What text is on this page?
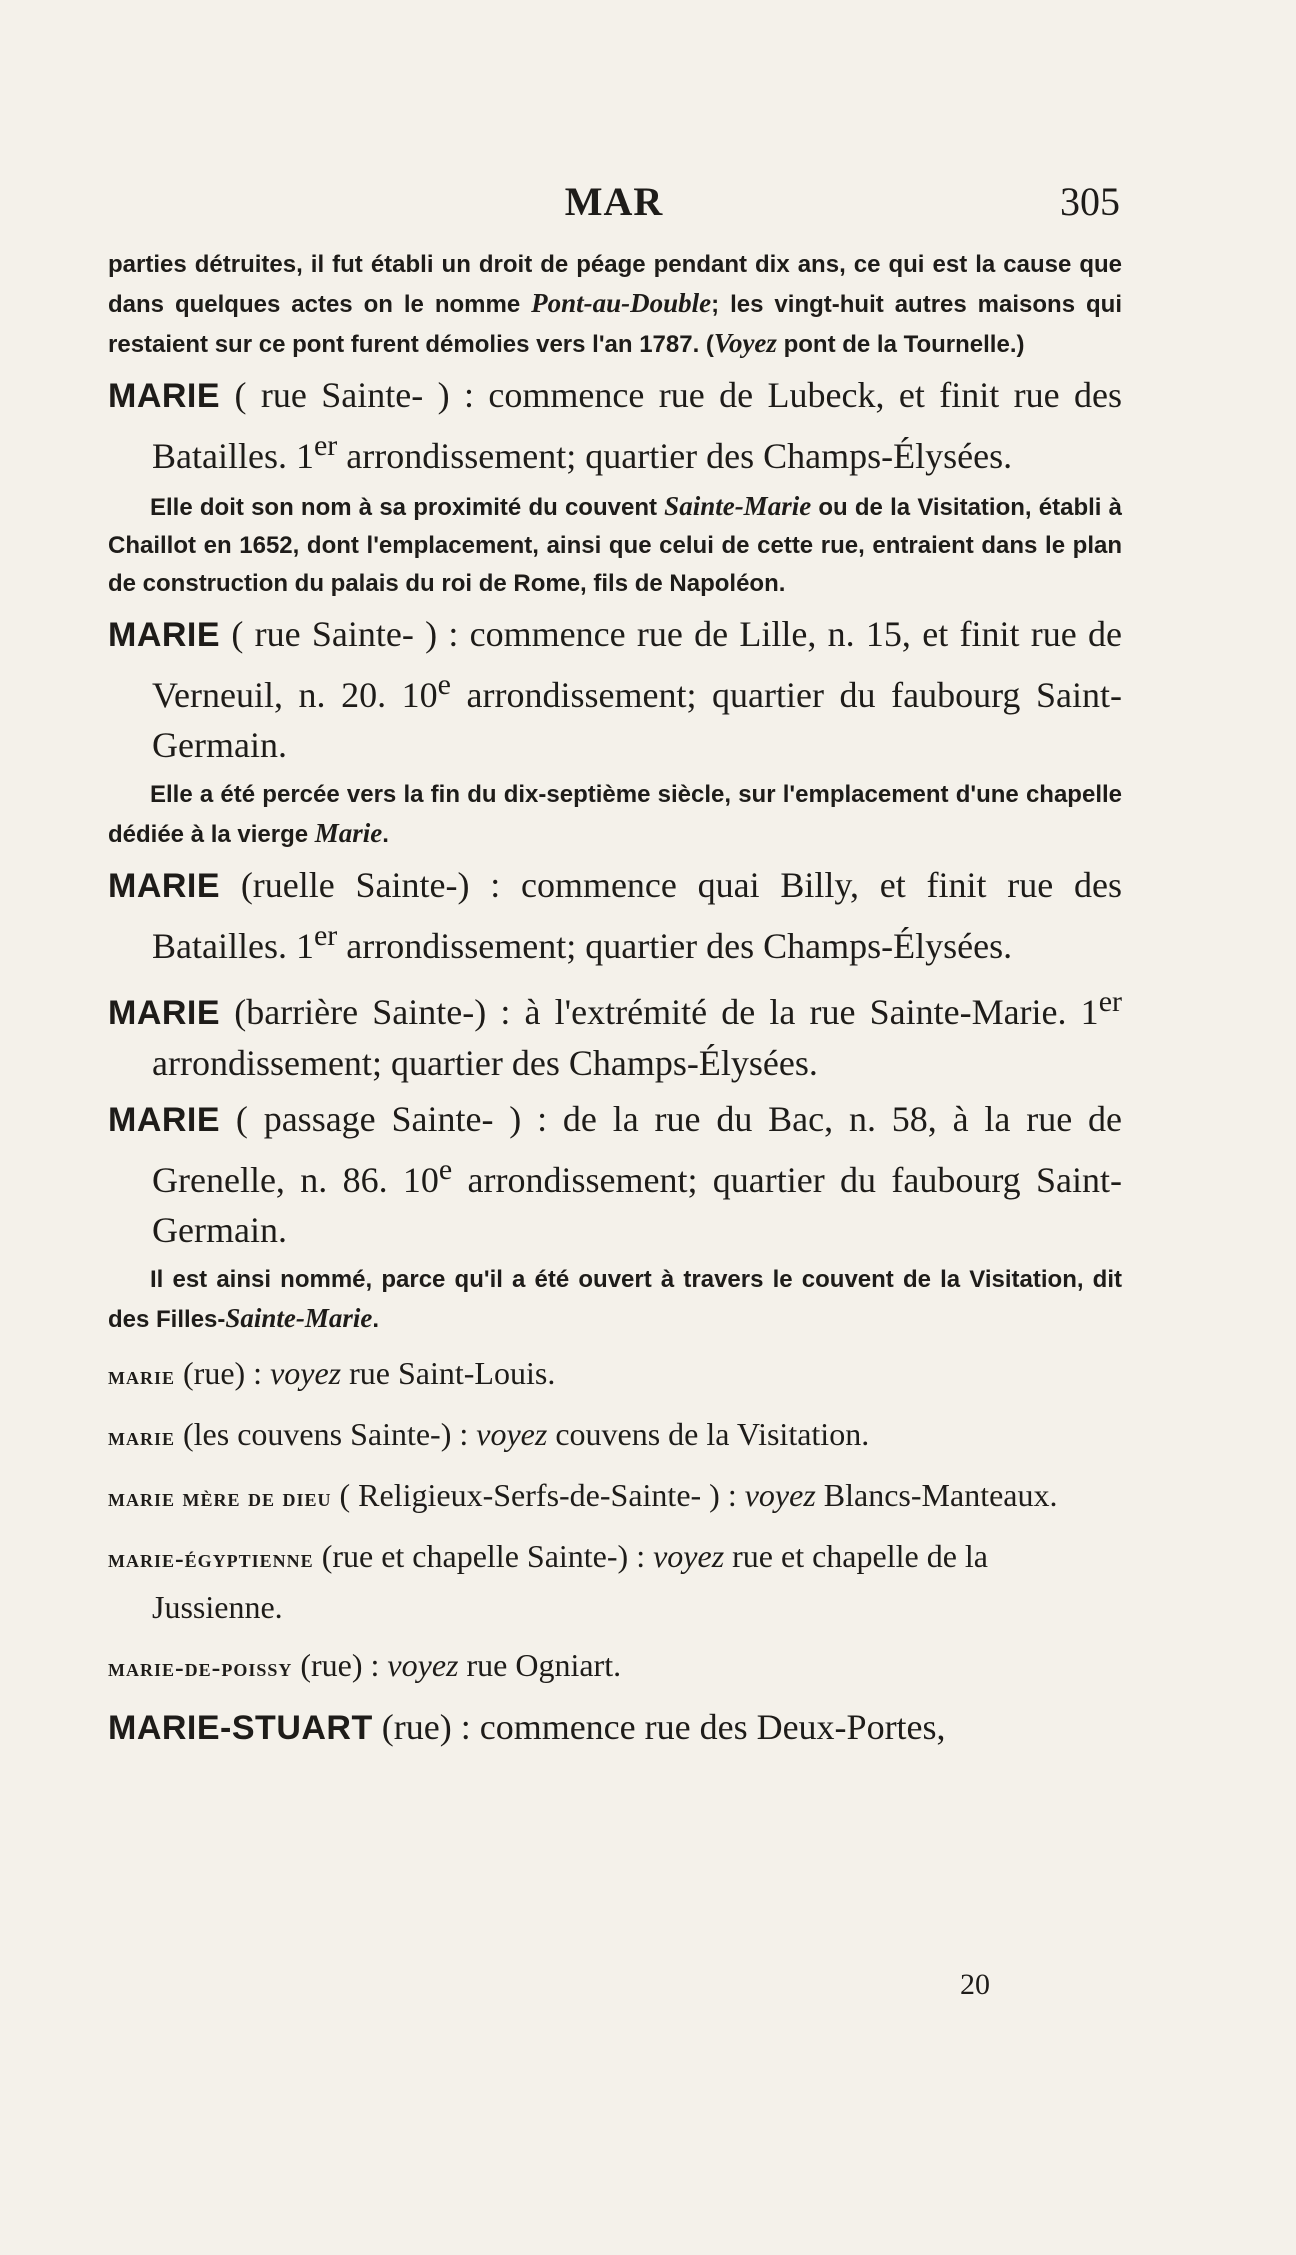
MAR	305

parties détruites, il fut établi un droit de péage pendant dix ans, ce qui est la cause que dans quelques actes on le nomme Pont-au-Double; les vingt-huit autres maisons qui restaient sur ce pont furent démolies vers l'an 1787. (Voyez pont de la Tournelle.)

MARIE ( rue Sainte- ) : commence rue de Lubeck, et finit rue des Batailles. 1er arrondissement; quartier des Champs-Élysées.

Elle doit son nom à sa proximité du couvent Sainte-Marie ou de la Visitation, établi à Chaillot en 1652, dont l'emplacement, ainsi que celui de cette rue, entraient dans le plan de construction du palais du roi de Rome, fils de Napoléon.

MARIE ( rue Sainte- ) : commence rue de Lille, n. 15, et finit rue de Verneuil, n. 20. 10e arrondissement; quartier du faubourg Saint-Germain.

Elle a été percée vers la fin du dix-septième siècle, sur l'emplacement d'une chapelle dédiée à la vierge Marie.

MARIE (ruelle Sainte-) : commence quai Billy, et finit rue des Batailles. 1er arrondissement; quartier des Champs-Élysées.

MARIE (barrière Sainte-) : à l'extrémité de la rue Sainte-Marie. 1er arrondissement; quartier des Champs-Élysées.

MARIE ( passage Sainte- ) : de la rue du Bac, n. 58, à la rue de Grenelle, n. 86. 10e arrondissement; quartier du faubourg Saint-Germain.

Il est ainsi nommé, parce qu'il a été ouvert à travers le couvent de la Visitation, dit des Filles-Sainte-Marie.

marie (rue) : voyez rue Saint-Louis.

marie (les couvens Sainte-) : voyez couvens de la Visitation.

marie mère de dieu ( Religieux-Serfs-de-Sainte- ) : voyez Blancs-Manteaux.

marie-égyptienne (rue et chapelle Sainte-) : voyez rue et chapelle de la Jussienne.

marie-de-poissy (rue) : voyez rue Ogniart.

MARIE-STUART (rue) : commence rue des Deux-Portes,

20
